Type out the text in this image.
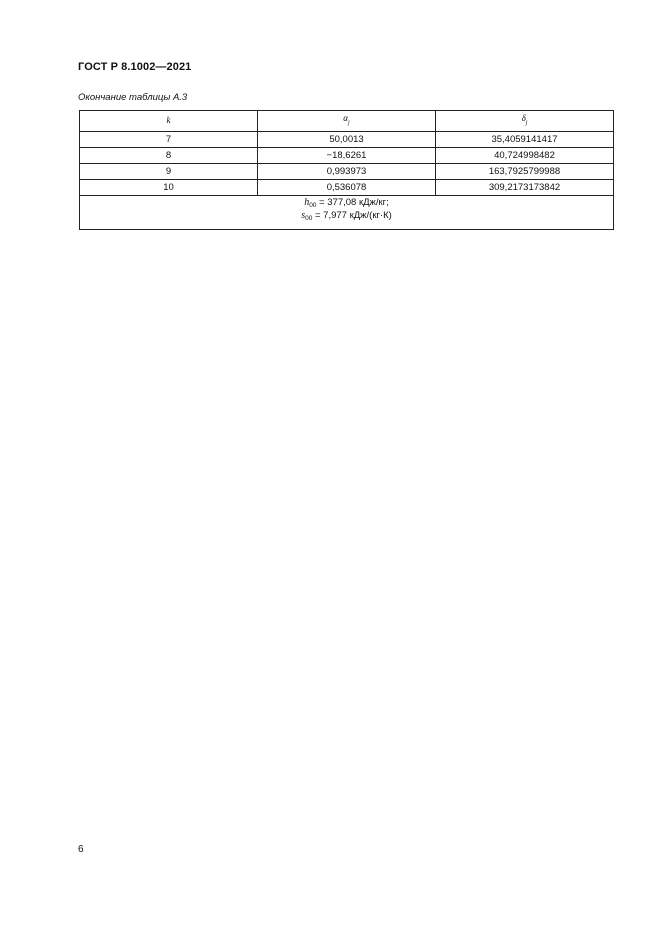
ГОСТ Р 8.1002—2021
Окончание таблицы А.3
k	$\alpha_j$	$\delta_j$
7	50,0013	35,4059141417
8	−18,6261	40,724998482
9	0,993973	163,7925799988
10	0,536078	309,2173173842

$h_{00} = 377,08$ кДж/кг;
$s_{00} = 7,977$ кДж/(кг·К)		
6
